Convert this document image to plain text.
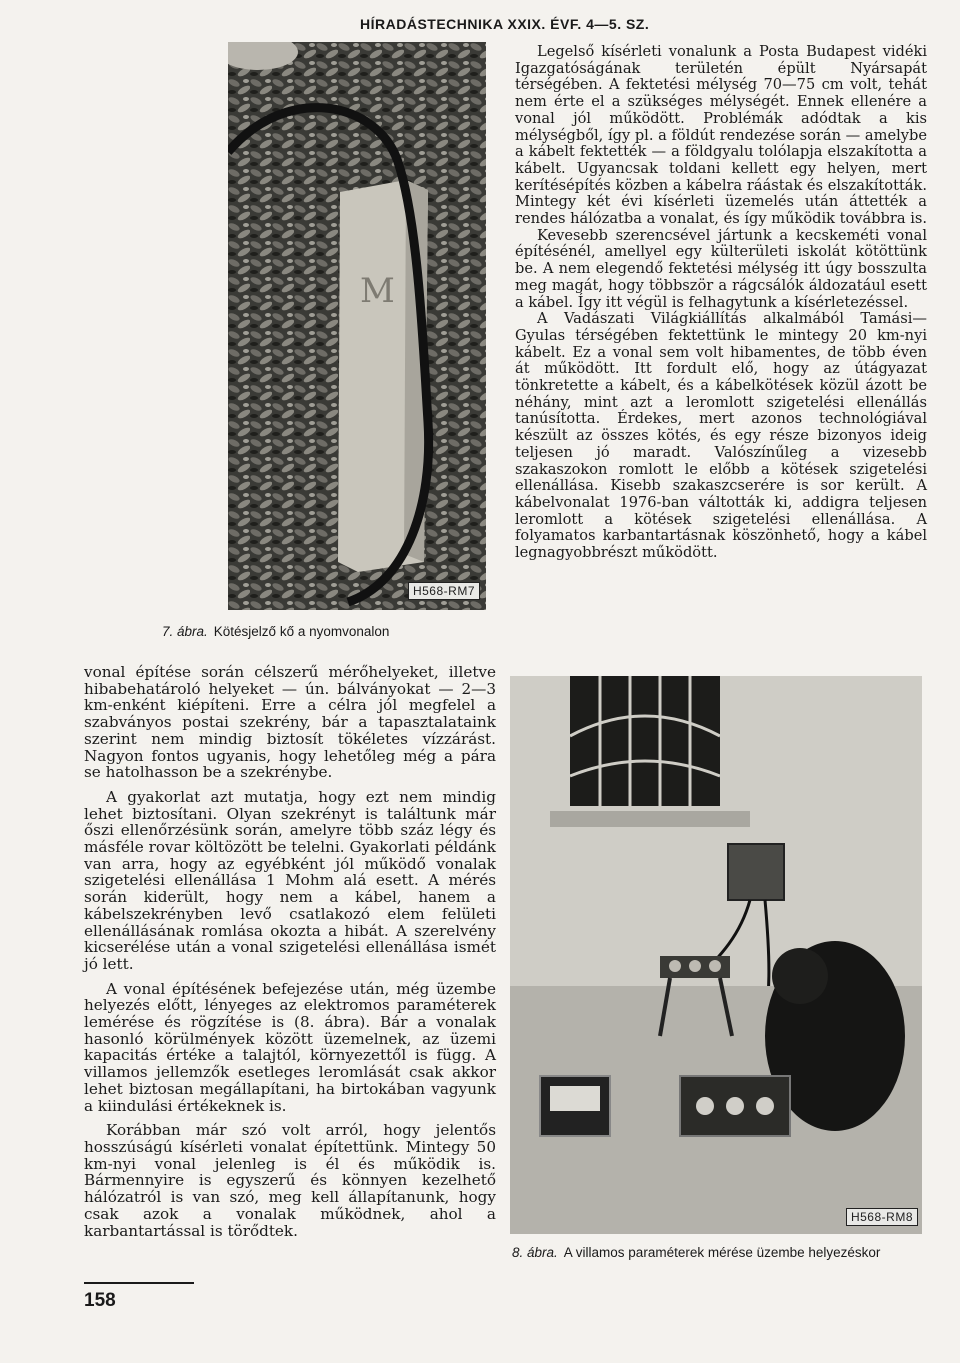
HÍRADÁSTECHNIKA XXIX. ÉVF. 4—5. SZ.
M
H568-RM7
7. ábra. Kötésjelző kő a nyomvonalon

Legelső kísérleti vonalunk a Posta Budapest vidéki Igazgatóságának területén épült Nyársapát térségében. A fektetési mélység 70—75 cm volt, tehát nem érte el a szükséges mélységét. Ennek ellenére a vonal jól működött. Problémák adódtak a kis mélységből, így pl. a földút rendezése során — amelybe a kábelt fektették — a földgyalu tolólapja elszakította a kábelt. Ugyancsak toldani kellett egy helyen, mert kerítésépítés közben a kábelra ráástak és elszakították. Mintegy két évi kísérleti üzemelés után áttették a rendes hálózatba a vonalat, és így működik továbbra is.

Kevesebb szerencsével jártunk a kecskeméti vonal építésénél, amellyel egy külterületi iskolát kötöttünk be. A nem elegendő fektetési mélység itt úgy bosszulta meg magát, hogy többször a rágcsálók áldozatául esett a kábel. Így itt végül is felhagytunk a kísérletezéssel.

A Vadászati Világkiállítás alkalmából Tamási—Gyulas térségében fektettünk le mintegy 20 km-nyi kábelt. Ez a vonal sem volt hibamentes, de több éven át működött. Itt fordult elő, hogy az útágyazat tönkretette a kábelt, és a kábelkötések közül ázott be néhány, mint azt a leromlott szigetelési ellenállás tanúsította. Érdekes, mert azonos technológiával készült az összes kötés, és egy része bizonyos ideig teljesen jó maradt. Valószínűleg a vizesebb szakaszokon romlott le előbb a kötések szigetelési ellenállása. Kisebb szakaszcserére is sor került. A kábelvonalat 1976-ban váltották ki, addigra teljesen leromlott a kötések szigetelési ellenállása. A folyamatos karbantartásnak köszönhető, hogy a kábel legnagyobbrészt működött.

vonal építése során célszerű mérőhelyeket, illetve hibabehatároló helyeket — ún. bálványokat — 2—3 km-enként kiépíteni. Erre a célra jól megfelel a szabványos postai szekrény, bár a tapasztalataink szerint nem mindig biztosít tökéletes vízzárást. Nagyon fontos ugyanis, hogy lehetőleg még a pára se hatolhasson be a szekrénybe.

A gyakorlat azt mutatja, hogy ezt nem mindig lehet biztosítani. Olyan szekrényt is találtunk már őszi ellenőrzésünk során, amelyre több száz légy és másféle rovar költözött be telelni. Gyakorlati példánk van arra, hogy az egyébként jól működő vonalak szigetelési ellenállása 1 Mohm alá esett. A mérés során kiderült, hogy nem a kábel, hanem a kábelszekrényben levő csatlakozó elem felületi ellenállásának romlása okozta a hibát. A szerelvény kicserélése után a vonal szigetelési ellenállása ismét jó lett.

A vonal építésének befejezése után, még üzembe helyezés előtt, lényeges az elektromos paraméterek lemérése és rögzítése is (8. ábra). Bár a vonalak hasonló körülmények között üzemelnek, az üzemi kapacitás értéke a talajtól, környezettől is függ. A villamos jellemzők esetleges leromlását csak akkor lehet biztosan megállapítani, ha birtokában vagyunk a kiindulási értékeknek is.

Korábban már szó volt arról, hogy jelentős hosszúságú kísérleti vonalat építettünk. Mintegy 50 km-nyi vonal jelenleg is él és működik is. Bármennyire is egyszerű és könnyen kezelhető hálózatról is van szó, meg kell állapítanunk, hogy csak azok a vonalak működnek, ahol a karbantartással is törődtek.

H568-RM8
8. ábra. A villamos paraméterek mérése üzembe helyezéskor
158
